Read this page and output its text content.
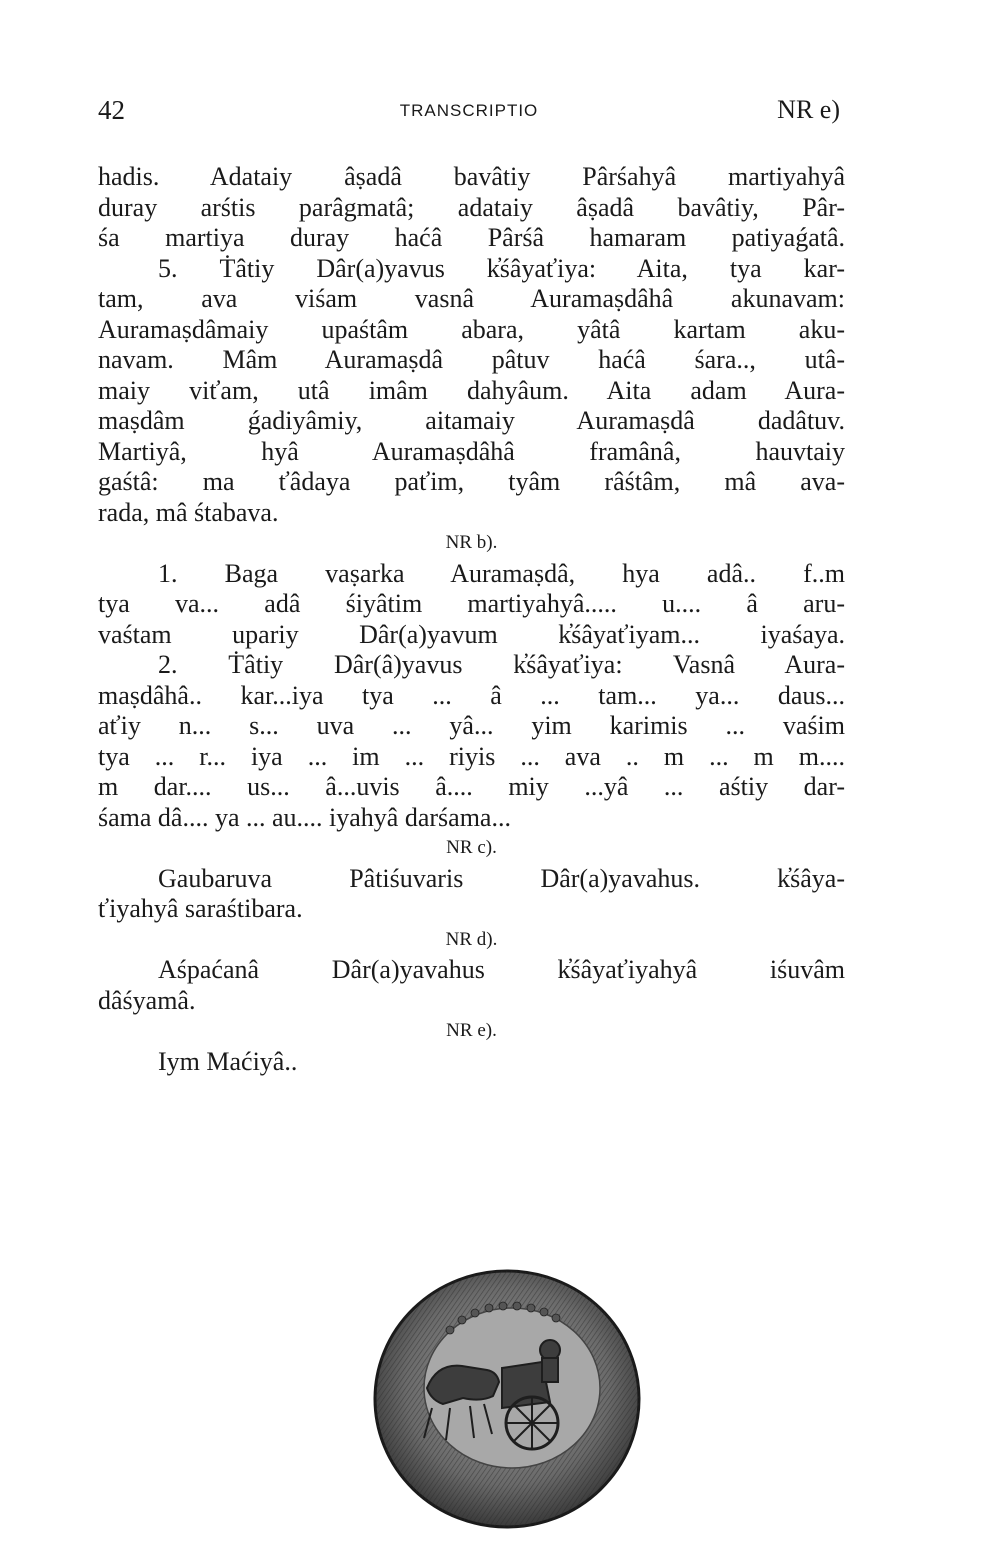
42	TRANSCRIPTIO	NR e)
hadis. Adataiy âṣadâ bavâtiy Pârśahyâ martiyahyâ
duray arśtis parâgmatâ; adataiy âṣadâ bavâtiy, Pâr-
śa martiya duray haćâ Pârśâ hamaram patiyaǵatâ.
5. Ṫâtiy Dâr(a)yavus k̓śâyaťiya: Aita, tya kar-
tam, ava viśam vasnâ Auramaṣdâhâ akunavam:
Auramaṣdâmaiy upaśtâm abara, yâtâ kartam aku-
navam. Mâm Auramaṣdâ pâtuv haćâ śara.., utâ-
maiy viťam, utâ imâm dahyâum. Aita adam Aura-
maṣdâm ǵadiyâmiy, aitamaiy Auramaṣdâ dadâtuv.
Martiyâ, hyâ Auramaṣdâhâ framânâ, hauvtaiy
gaśtâ: ma ťâdaya paťim, tyâm râśtâm, mâ ava-
rada, mâ śtabava.
NR b).
1. Baga vaṣarka Auramaṣdâ, hya adâ.. f..m
tya va... adâ śiyâtim martiyahyâ..... u.... â aru-
vaśtam upariy Dâr(a)yavum k̓śâyaťiyam... iyaśaya.
2. Ṫâtiy Dâr(â)yavus k̓śâyaťiya: Vasnâ Aura-
maṣdâhâ.. kar...iya tya ... â ... tam... ya... daus...
aťiy n... s... uva ... yâ... yim karimis ... vaśim
tya ... r... iya ... im ... riyis ... ava .. m ... m m....
m dar.... us... â...uvis â.... miy ...yâ ... aśtiy dar-
śama dâ.... ya ... au.... iyahyâ darśama...
NR c).
Gaubaruva Pâtiśuvaris Dâr(a)yavahus. k̓śâya-
ťiyahyâ saraśtibara.
NR d).
Aśpaćanâ Dâr(a)yavahus k̓śâyaťiyahyâ iśuvâm
dâśyamâ.
NR e).
Iym Maćiyâ..
